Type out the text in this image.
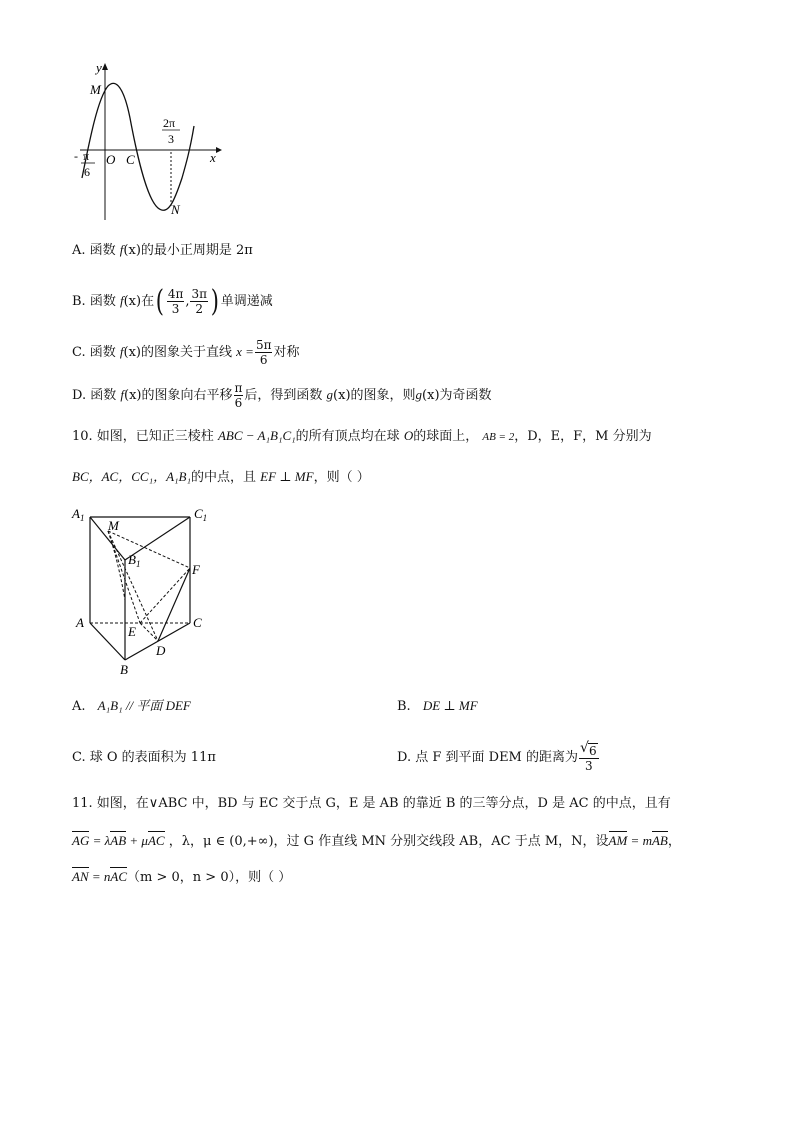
y
x
M
O C
N
- π
6
2π
3
A. 函数 f(x)的最小正周期是 2π
B. 函数 f(x)在( $\frac{4\pi}{3}$ , $\frac{3\pi}{2}$ ) 单调递减
C. 函数 f(x)的图象关于直线 $x = \frac{5\pi}{6}$ 对称
D. 函数 f(x)的图象向右平移 $\frac{\pi}{6}$ 后，得到函数 g(x)的图象，则g(x)为奇函数
10. 如图，已知正三棱柱 ABC − A₁B₁C₁的所有顶点均在球 O的球面上， AB = 2，D，E，F，M 分别为
BC，AC，CC₁，A₁B₁的中点，且 EF ⊥ MF，则（ ）
$A_1$ M
$C_1$
$B_1$	F
A
E
C
D
B
A. A₁B₁ // 平面 DEF	B. DE ⊥ MF
C. 球 O 的表面积为 11π	D. 点 F 到平面 DEM 的距离为 $\frac{√ 6}{3}$
11. 如图，在∨ABC 中，BD 与 EC 交于点 G，E 是 AB 的靠近 B 的三等分点，D 是 AC 的中点，且有
AG = λAB + μAC ，λ，μ ∈ (0,+∞)，过 G 作直线 MN 分别交线段 AB，AC 于点 M，N，设AM = mAB，
AN = nAC（m > 0，n > 0），则（ ）
